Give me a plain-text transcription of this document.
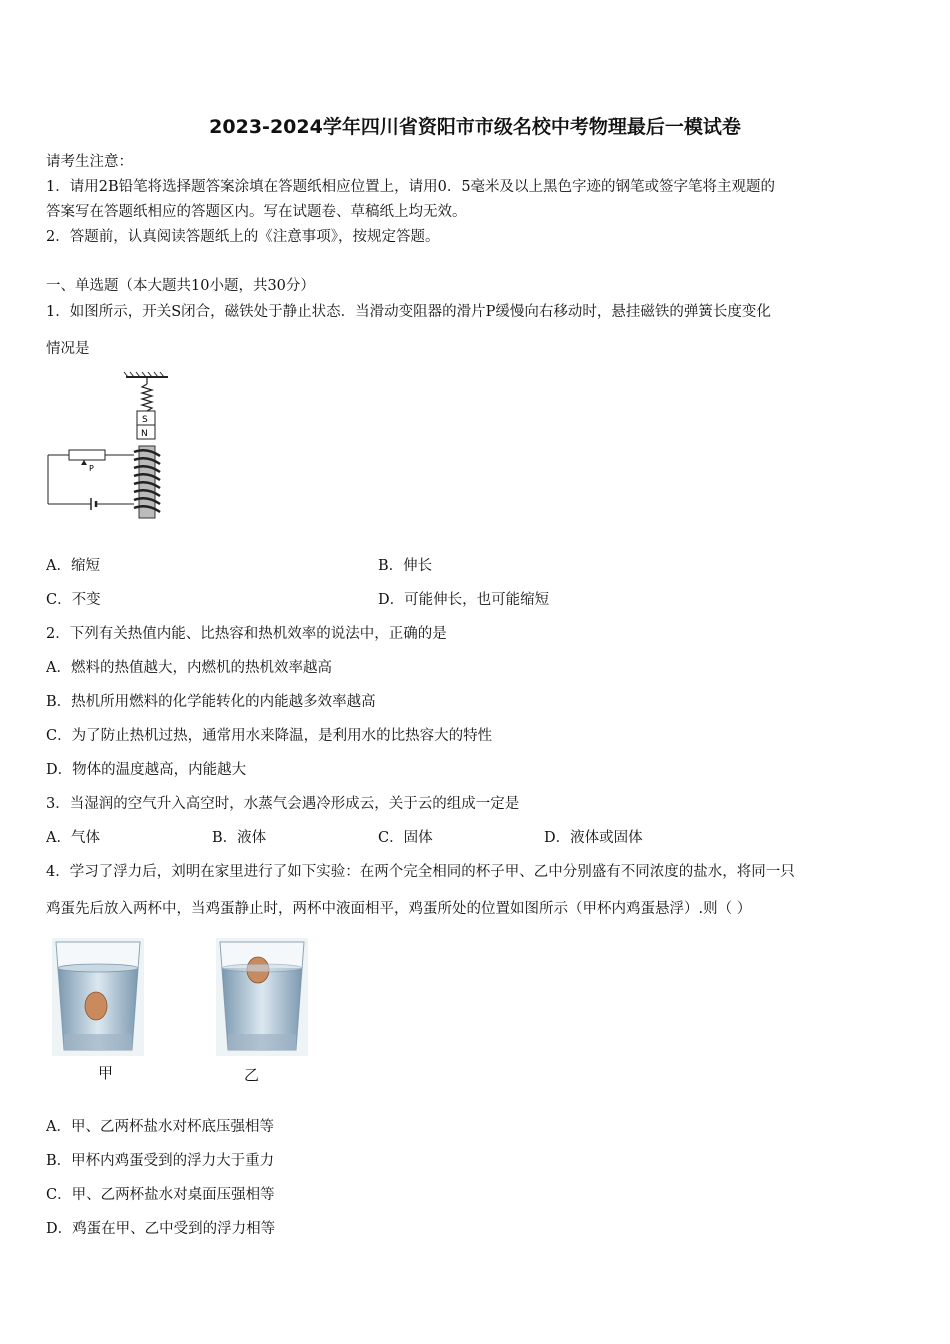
2023-2024学年四川省资阳市市级名校中考物理最后一模试卷
请考生注意：
1．请用2B铅笔将选择题答案涂填在答题纸相应位置上，请用0．5毫米及以上黑色字迹的钢笔或签字笔将主观题的
答案写在答题纸相应的答题区内。写在试题卷、草稿纸上均无效。
2．答题前，认真阅读答题纸上的《注意事项》，按规定答题。
一、单选题（本大题共10小题，共30分）
1．如图所示，开关S闭合，磁铁处于静止状态．当滑动变阻器的滑片P缓慢向右移动时，悬挂磁铁的弹簧长度变化
情况是
S
N
P
A．缩短	B．伸长
C．不变	D．可能伸长，也可能缩短
2．下列有关热值内能、比热容和热机效率的说法中，正确的是
A．燃料的热值越大，内燃机的热机效率越高
B．热机所用燃料的化学能转化的内能越多效率越高
C．为了防止热机过热，通常用水来降温，是利用水的比热容大的特性
D．物体的温度越高，内能越大
3．当湿润的空气升入高空时，水蒸气会遇冷形成云，关于云的组成一定是
A．气体	B．液体	C．固体	D．液体或固体
4．学习了浮力后，刘明在家里进行了如下实验：在两个完全相同的杯子甲、乙中分别盛有不同浓度的盐水，将同一只
鸡蛋先后放入两杯中，当鸡蛋静止时，两杯中液面相平，鸡蛋所处的位置如图所示（甲杯内鸡蛋悬浮）.则（ ）
甲	乙
A．甲、乙两杯盐水对杯底压强相等
B．甲杯内鸡蛋受到的浮力大于重力
C．甲、乙两杯盐水对桌面压强相等
D．鸡蛋在甲、乙中受到的浮力相等
